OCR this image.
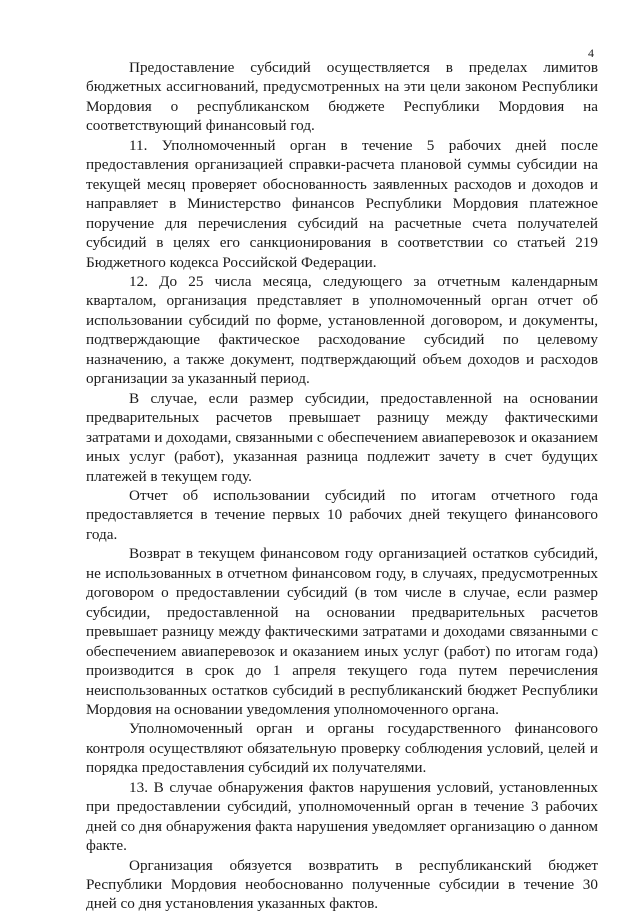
4

Предоставление субсидий осуществляется в пределах лимитов бюджетных ассигнований, предусмотренных на эти цели законом Республики Мордовия о республиканском бюджете Республики Мордовия на соответствующий финансовый год.

11. Уполномоченный орган в течение 5 рабочих дней после предоставления организацией справки-расчета плановой суммы субсидии на текущей месяц проверяет обоснованность заявленных расходов и доходов и направляет в Министерство финансов Республики Мордовия платежное поручение для перечисления субсидий на расчетные счета получателей субсидий в целях его санкционирования в соответствии со статьей 219 Бюджетного кодекса Российской Федерации.

12. До 25 числа месяца, следующего за отчетным календарным кварталом, организация представляет в уполномоченный орган отчет об использовании субсидий по форме, установленной договором, и документы, подтверждающие фактическое расходование субсидий по целевому назначению, а также документ, подтверждающий объем доходов и расходов организации за указанный период.

В случае, если размер субсидии, предоставленной на основании предварительных расчетов превышает разницу между фактическими затратами и доходами, связанными с обеспечением авиаперевозок и оказанием иных услуг (работ), указанная разница подлежит зачету в счет будущих платежей в текущем году.

Отчет об использовании субсидий по итогам отчетного года предоставляется в течение первых 10 рабочих дней текущего финансового года.

Возврат в текущем финансовом году организацией остатков субсидий, не использованных в отчетном финансовом году, в случаях, предусмотренных договором о предоставлении субсидий (в том числе в случае, если размер субсидии, предоставленной на основании предварительных расчетов превышает разницу между фактическими затратами и доходами связанными с обеспечением авиаперевозок и оказанием иных услуг (работ) по итогам года) производится в срок до 1 апреля текущего года путем перечисления неиспользованных остатков субсидий в республиканский бюджет Республики Мордовия на основании уведомления уполномоченного органа.

Уполномоченный орган и органы государственного финансового контроля осуществляют обязательную проверку соблюдения условий, целей и порядка предоставления субсидий их получателями.

13. В случае обнаружения фактов нарушения условий, установленных при предоставлении субсидий, уполномоченный орган в течение 3 рабочих дней со дня обнаружения факта нарушения уведомляет организацию о данном факте.

Организация обязуется возвратить в республиканский бюджет Республики Мордовия необоснованно полученные субсидии в течение 30 дней со дня установления указанных фактов.
